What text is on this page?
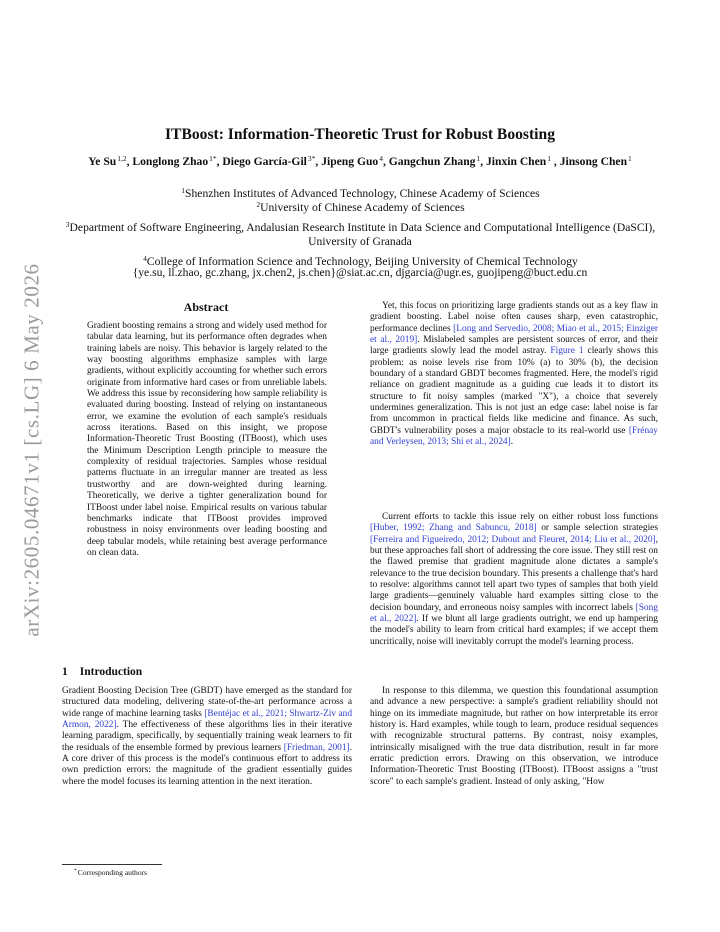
arXiv:2605.04671v1 [cs.LG] 6 May 2026
ITBoost: Information-Theoretic Trust for Robust Boosting
Ye Su$^{1,2}$, Longlong Zhao$^{1*}$, Diego García-Gil$^{3*}$, Jipeng Guo$^4$, Gangchun Zhang$^1$, Jinxin Chen$^1$ , Jinsong Chen$^1$
$^1$Shenzhen Institutes of Advanced Technology, Chinese Academy of Sciences
$^2$University of Chinese Academy of Sciences
$^3$Department of Software Engineering, Andalusian Research Institute in Data Science and Computational Intelligence (DaSCI), University of Granada
$^4$College of Information Science and Technology, Beijing University of Chemical Technology
{ye.su, ll.zhao, gc.zhang, jx.chen2, js.chen}@siat.ac.cn, djgarcia@ugr.es, guojipeng@buct.edu.cn
Abstract
Gradient boosting remains a strong and widely used method for tabular data learning, but its performance often degrades when training labels are noisy. This behavior is largely related to the way boosting algorithms emphasize samples with large gradients, without explicitly accounting for whether such errors originate from informative hard cases or from unreliable labels. We address this issue by reconsidering how sample reliability is evaluated during boosting. Instead of relying on instantaneous error, we examine the evolution of each sample's residuals across iterations. Based on this insight, we propose Information-Theoretic Trust Boosting (ITBoost), which uses the Minimum Description Length principle to measure the complexity of residual trajectories. Samples whose residual patterns fluctuate in an irregular manner are treated as less trustworthy and are down-weighted during learning. Theoretically, we derive a tighter generalization bound for ITBoost under label noise. Empirical results on various tabular benchmarks indicate that ITBoost provides improved robustness in noisy environments over leading boosting and deep tabular models, while retaining best average performance on clean data.
1 Introduction
Gradient Boosting Decision Tree (GBDT) have emerged as the standard for structured data modeling, delivering state-of-the-art performance across a wide range of machine learning tasks [Bentéjac et al., 2021; Shwartz-Ziv and Armon, 2022]. The effectiveness of these algorithms lies in their iterative learning paradigm, specifically, by sequentially training weak learners to fit the residuals of the ensemble formed by previous learners [Friedman, 2001]. A core driver of this process is the model's continuous effort to address its own prediction errors: the magnitude of the gradient essentially guides where the model focuses its learning attention in the next iteration.
*Corresponding authors
Yet, this focus on prioritizing large gradients stands out as a key flaw in gradient boosting. Label noise often causes sharp, even catastrophic, performance declines [Long and Servedio, 2008; Miao et al., 2015; Einziger et al., 2019]. Mislabeled samples are persistent sources of error, and their large gradients slowly lead the model astray. Figure 1 clearly shows this problem: as noise levels rise from 10% (a) to 30% (b), the decision boundary of a standard GBDT becomes fragmented. Here, the model's rigid reliance on gradient magnitude as a guiding cue leads it to distort its structure to fit noisy samples (marked "X"), a choice that severely undermines generalization. This is not just an edge case: label noise is far from uncommon in practical fields like medicine and finance. As such, GBDT's vulnerability poses a major obstacle to its real-world use [Frénay and Verleysen, 2013; Shi et al., 2024].
Current efforts to tackle this issue rely on either robust loss functions [Huber, 1992; Zhang and Sabuncu, 2018] or sample selection strategies [Ferreira and Figueiredo, 2012; Dubout and Fleuret, 2014; Liu et al., 2020], but these approaches fall short of addressing the core issue. They still rest on the flawed premise that gradient magnitude alone dictates a sample's relevance to the true decision boundary. This presents a challenge that's hard to resolve: algorithms cannot tell apart two types of samples that both yield large gradients—genuinely valuable hard examples sitting close to the decision boundary, and erroneous noisy samples with incorrect labels [Song et al., 2022]. If we blunt all large gradients outright, we end up hampering the model's ability to learn from critical hard examples; if we accept them uncritically, noise will inevitably corrupt the model's learning process.
In response to this dilemma, we question this foundational assumption and advance a new perspective: a sample's gradient reliability should not hinge on its immediate magnitude, but rather on how interpretable its error history is. Hard examples, while tough to learn, produce residual sequences with recognizable structural patterns. By contrast, noisy examples, intrinsically misaligned with the true data distribution, result in far more erratic prediction errors. Drawing on this observation, we introduce Information-Theoretic Trust Boosting (ITBoost). ITBoost assigns a "trust score" to each sample's gradient. Instead of only asking, "How
